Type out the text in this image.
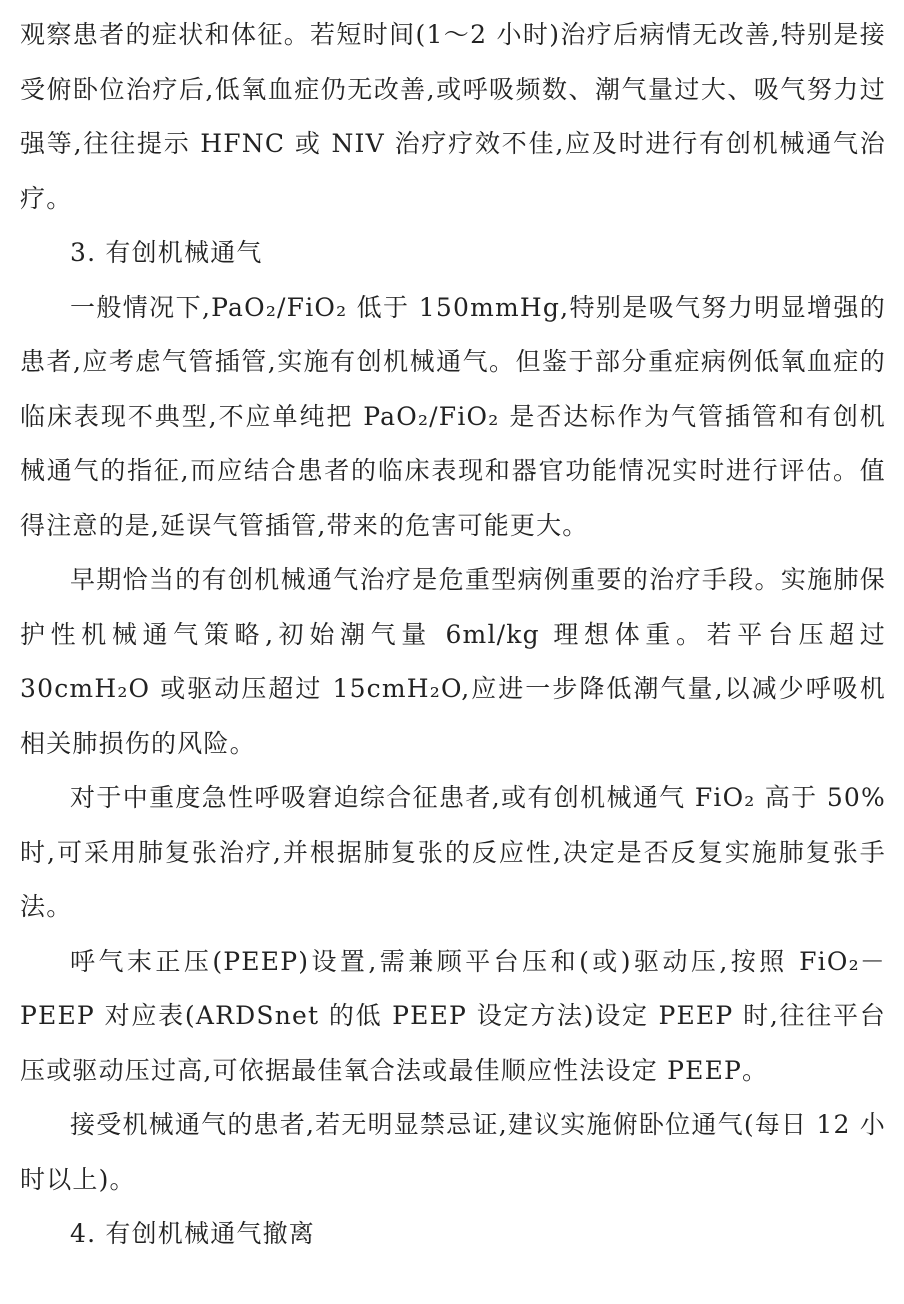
观察患者的症状和体征。若短时间(1～2 小时)治疗后病情无改善,特别是接受俯卧位治疗后,低氧血症仍无改善,或呼吸频数、潮气量过大、吸气努力过强等,往往提示 HFNC 或 NIV 治疗疗效不佳,应及时进行有创机械通气治疗。

3. 有创机械通气

一般情况下,PaO₂/FiO₂ 低于 150mmHg,特别是吸气努力明显增强的患者,应考虑气管插管,实施有创机械通气。但鉴于部分重症病例低氧血症的临床表现不典型,不应单纯把 PaO₂/FiO₂ 是否达标作为气管插管和有创机械通气的指征,而应结合患者的临床表现和器官功能情况实时进行评估。值得注意的是,延误气管插管,带来的危害可能更大。

早期恰当的有创机械通气治疗是危重型病例重要的治疗手段。实施肺保护性机械通气策略,初始潮气量 6ml/kg 理想体重。若平台压超过 30cmH₂O 或驱动压超过 15cmH₂O,应进一步降低潮气量,以减少呼吸机相关肺损伤的风险。

对于中重度急性呼吸窘迫综合征患者,或有创机械通气 FiO₂ 高于 50%时,可采用肺复张治疗,并根据肺复张的反应性,决定是否反复实施肺复张手法。

呼气末正压(PEEP)设置,需兼顾平台压和(或)驱动压,按照 FiO₂－PEEP 对应表(ARDSnet 的低 PEEP 设定方法)设定 PEEP 时,往往平台压或驱动压过高,可依据最佳氧合法或最佳顺应性法设定 PEEP。

接受机械通气的患者,若无明显禁忌证,建议实施俯卧位通气(每日 12 小时以上)。

4. 有创机械通气撤离
